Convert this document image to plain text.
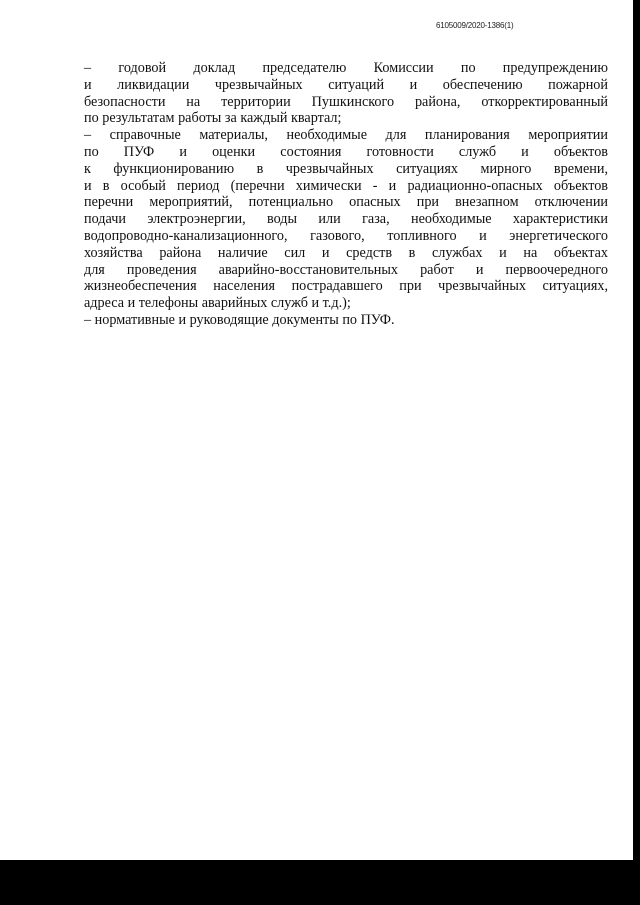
6105009/2020-1386(1)
– годовой доклад председателю Комиссии по предупреждению
и ликвидации чрезвычайных ситуаций и обеспечению пожарной
безопасности на территории Пушкинского района, откорректированный
по результатам работы за каждый квартал;
– справочные материалы, необходимые для планирования мероприятии
по ПУФ и оценки состояния готовности служб и объектов
к функционированию в чрезвычайных ситуациях мирного времени,
и в особый период (перечни химически - и радиационно-опасных объектов
перечни мероприятий, потенциально опасных при внезапном отключении
подачи электроэнергии, воды или газа, необходимые характеристики
водопроводно-канализационного, газового, топливного и энергетического
хозяйства района наличие сил и средств в службах и на объектах
для проведения аварийно-восстановительных работ и первоочередного
жизнеобеспечения населения пострадавшего при чрезвычайных ситуациях,
адреса и телефоны аварийных служб и т.д.);
– нормативные и руководящие документы по ПУФ.
